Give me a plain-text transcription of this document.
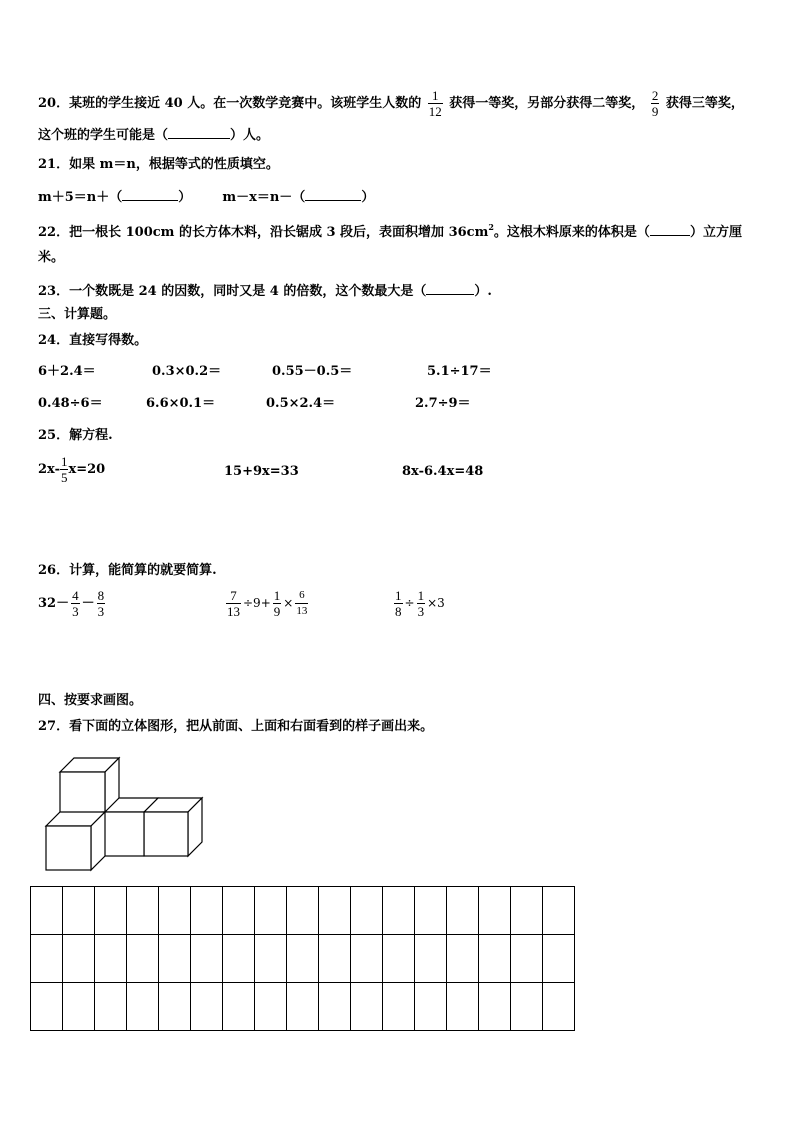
20．某班的学生接近 40 人。在一次数学竞赛中。该班学生人数的 $\frac{1}{12}$ 获得一等奖，另部分获得二等奖， $\frac{2}{9}$ 获得三等奖，
这个班的学生可能是（	）人。
21．如果 m＝n，根据等式的性质填空。
m＋5＝n＋（	） m－x＝n－（	）
22．把一根长 100cm 的长方体木料，沿长锯成 3 段后，表面积增加 $36cm^2$。这根木料原来的体积是（	）立方厘
米。
23．一个数既是 24 的因数，同时又是 4 的倍数，这个数最大是（	）.
三、计算题。
24．直接写得数。
6＋2.4＝	0.3×0.2＝	0.55－0.5＝	5.1÷17＝
0.48÷6＝	6.6×0.1＝	0.5×2.4＝	2.7÷9＝
25．解方程.
$2x- \frac{1}{5} x=20$	15+9x=33	8x-6.4x=48
26．计算，能简算的就要简算.
$32- \frac{4}{3} - \frac{8}{3}$	$\frac{7}{13} \div 9+ \frac{1}{9} \times \frac{6}{13}$	$\frac{1}{8} \div \frac{1}{3} \times 3$
四、按要求画图。
27．看下面的立体图形，把从前面、上面和右面看到的样子画出来。
